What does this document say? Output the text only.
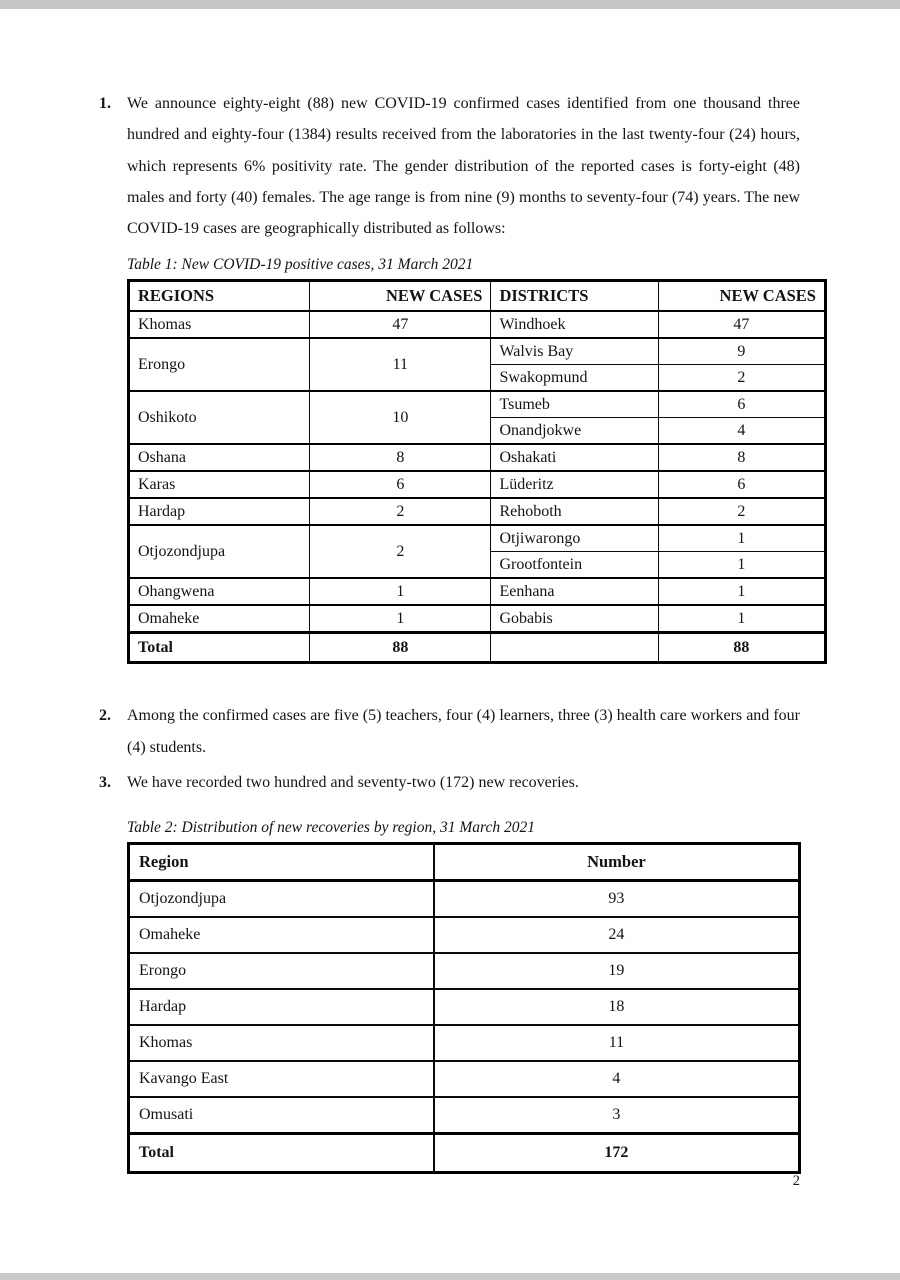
1.	We announce eighty-eight (88) new COVID-19 confirmed cases identified from one thousand three hundred and eighty-four (1384) results received from the laboratories in the last twenty-four (24) hours, which represents 6% positivity rate. The gender distribution of the reported cases is forty-eight (48) males and forty (40) females. The age range is from nine (9) months to seventy-four (74) years. The new COVID-19 cases are geographically distributed as follows:
Table 1: New COVID-19 positive cases, 31 March 2021
REGIONS	NEW CASES	DISTRICTS	NEW CASES
Khomas	47	Windhoek	47
Erongo	11	Walvis Bay	9
		Swakopmund	2
Oshikoto	10	Tsumeb	6
		Onandjokwe	4
Oshana	8	Oshakati	8
Karas	6	Lüderitz	6
Hardap	2	Rehoboth	2
Otjozondjupa	2	Otjiwarongo	1
		Grootfontein	1
Ohangwena	1	Eenhana	1
Omaheke	1	Gobabis	1
Total	88		88
2.	Among the confirmed cases are five (5) teachers, four (4) learners, three (3) health care workers and four (4) students.
3.	We have recorded two hundred and seventy-two (172) new recoveries.
Table 2: Distribution of new recoveries by region, 31 March 2021
Region	Number
Otjozondjupa	93
Omaheke	24
Erongo	19
Hardap	18
Khomas	11
Kavango East	4
Omusati	3
Total	172
2
